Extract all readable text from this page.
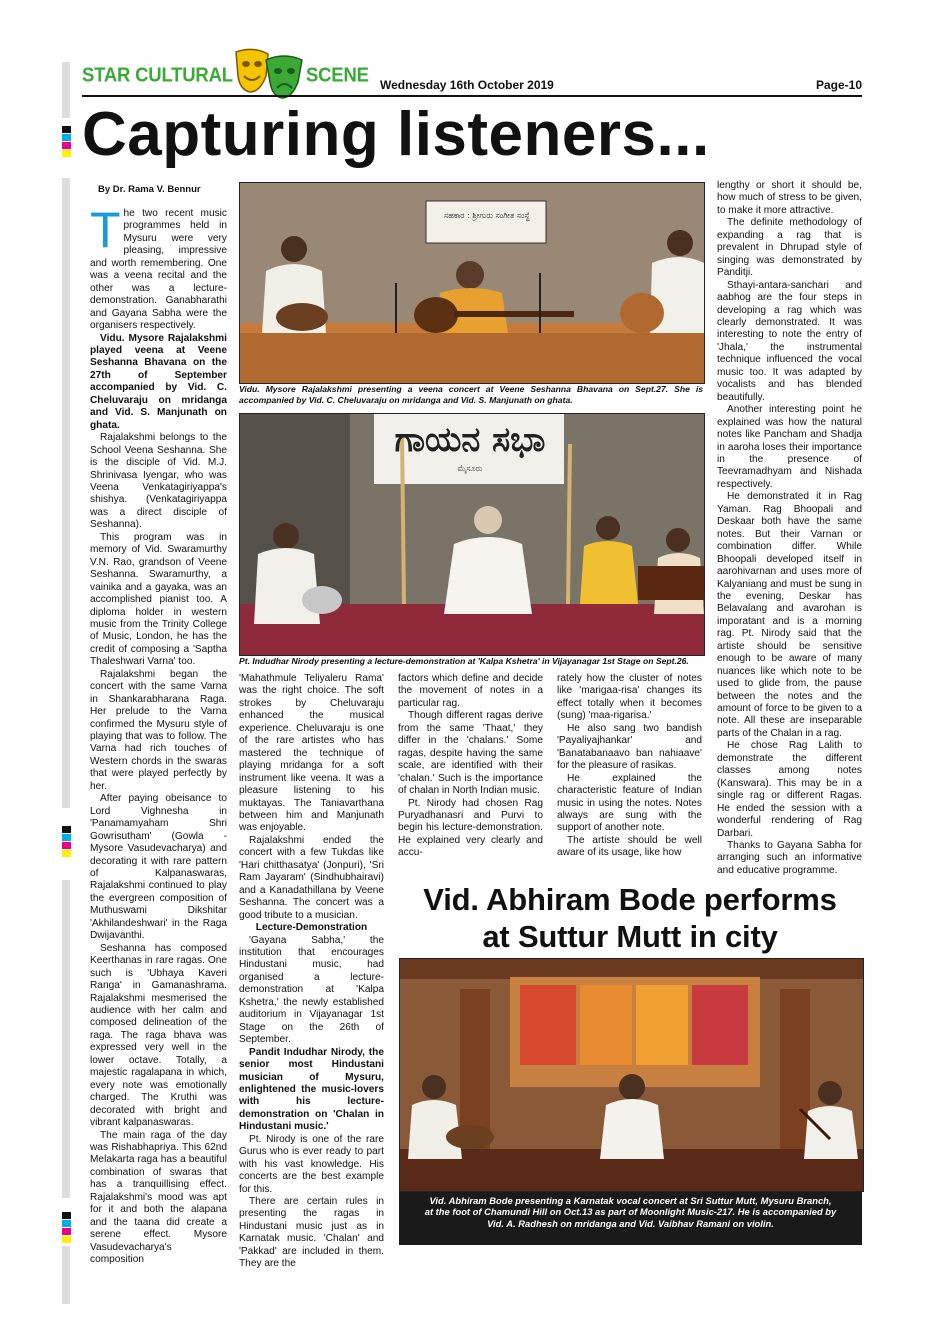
STAR CULTURAL	SCENE Wednesday 16th October 2019	Page-10
Capturing listeners...
By Dr. Rama V. Bennur

The two recent music programmes held in Mysuru were very pleasing, impressive and worth remembering. One was a veena recital and the other was a lecture-demonstration. Ganabharathi and Gayana Sabha were the organisers respectively.

Vidu. Mysore Rajalakshmi played veena at Veene Seshanna Bhavana on the 27th of September accompanied by Vid. C. Cheluvaraju on mridanga and Vid. S. Manjunath on ghata.

Rajalakshmi belongs to the School Veena Seshanna. She is the disciple of Vid. M.J. Shrinivasa Iyengar, who was Veena Venkatagiriyappa's shishya. (Venkatagiriyappa was a direct disciple of Seshanna).

This program was in memory of Vid. Swaramurthy V.N. Rao, grandson of Veene Seshanna. Swaramurthy, a vainika and a gayaka, was an accomplished pianist too. A diploma holder in western music from the Trinity College of Music, London, he has the credit of composing a 'Saptha Thaleshwari Varna' too.

Rajalakshmi began the concert with the same Varna in Shankarabharana Raga. Her prelude to the Varna confirmed the Mysuru style of playing that was to follow. The Varna had rich touches of Western chords in the swaras that were played perfectly by her.

After paying obeisance to Lord Vighnesha in 'Panamamyaham Shri Gowrisutham' (Gowla - Mysore Vasudevacharya) and decorating it with rare pattern of Kalpanaswaras, Rajalakshmi continued to play the evergreen composition of Muthuswami Dikshitar 'Akhilandeshwari' in the Raga Dwijavanthi.

Seshanna has composed Keerthanas in rare ragas. One such is 'Ubhaya Kaveri Ranga' in Gamanashrama. Rajalakshmi mesmerised the audience with her calm and composed delineation of the raga. The raga bhava was expressed very well in the lower octave. Totally, a majestic ragalapana in which, every note was emotionally charged. The Kruthi was decorated with bright and vibrant kalpanaswaras.

The main raga of the day was Rishabhapriya. This 62nd Melakarta raga has a beautiful combination of swaras that has a tranquillising effect. Rajalakshmi's mood was apt for it and both the alapana and the taana did create a serene effect. Mysore Vasudevacharya's composition

ಸಹಕಾರ : ಶ್ರೀಗುರು ಸಂಗೀತ ಸಂಸ್ಥೆ
Vidu. Mysore Rajalakshmi presenting a veena concert at Veene Seshanna Bhavana on Sept.27. She is accompanied by Vid. C. Cheluvaraju on mridanga and Vid. S. Manjunath on ghata.
ಗಾಯನ ಸಭಾ
ಮೈಸೂರು
Pt. Indudhar Nirody presenting a lecture-demonstration at 'Kalpa Kshetra' in Vijayanagar 1st Stage on Sept.26.

'Mahathmule Teliyaleru Rama' was the right choice. The soft strokes by Cheluvaraju enhanced the musical experience. Cheluvaraju is one of the rare artistes who has mastered the technique of playing mridanga for a soft instrument like veena. It was a pleasure listening to his muktayas. The Taniavarthana between him and Manjunath was enjoyable.

Rajalakshmi ended the concert with a few Tukdas like 'Hari chitthasatya' (Jonpuri), 'Sri Ram Jayaram' (Sindhubhairavi) and a Kanadathillana by Veene Seshanna. The concert was a good tribute to a musician.

Lecture-Demonstration

'Gayana Sabha,' the institution that encourages Hindustani music, had organised a lecture-demonstration at 'Kalpa Kshetra,' the newly established auditorium in Vijayanagar 1st Stage on the 26th of September.

Pandit Indudhar Nirody, the senior most Hindustani musician of Mysuru, enlightened the music-lovers with his lecture-demonstration on 'Chalan in Hindustani music.'

Pt. Nirody is one of the rare Gurus who is ever ready to part with his vast knowledge. His concerts are the best example for this.

There are certain rules in presenting the ragas in Hindustani music just as in Karnatak music. 'Chalan' and 'Pakkad' are included in them. They are the

factors which define and decide the movement of notes in a particular rag.

Though different ragas derive from the same 'Thaat,' they differ in the 'chalans.' Some ragas, despite having the same scale, are identified with their 'chalan.' Such is the importance of chalan in North Indian music.

Pt. Nirody had chosen Rag Puryadhanasri and Purvi to begin his lecture-demonstration. He explained very clearly and accu-

rately how the cluster of notes like 'marigaa-risa' changes its effect totally when it becomes (sung) 'maa-rigarisa.'

He also sang two bandish 'Payaliyajhankar' and 'Banatabanaavo ban nahiaave' for the pleasure of rasikas.

He explained the characteristic feature of Indian music in using the notes. Notes always are sung with the support of another note.

The artiste should be well aware of its usage, like how

lengthy or short it should be, how much of stress to be given, to make it more attractive.

The definite methodology of expanding a rag that is prevalent in Dhrupad style of singing was demonstrated by Panditji.

Sthayi-antara-sanchari and aabhog are the four steps in developing a rag which was clearly demonstrated. It was interesting to note the entry of 'Jhala,' the instrumental technique influenced the vocal music too. It was adapted by vocalists and has blended beautifully.

Another interesting point he explained was how the natural notes like Pancham and Shadja in aaroha loses their importance in the presence of Teevramadhyam and Nishada respectively.

He demonstrated it in Rag Yaman. Rag Bhoopali and Deskaar both have the same notes. But their Varnan or combination differ. While Bhoopali developed itself in aarohivarnan and uses more of Kalyaniang and must be sung in the evening, Deskar has Belavalang and avarohan is imporatant and is a morning rag. Pt. Nirody said that the artiste should be sensitive enough to be aware of many nuances like which note to be used to glide from, the pause between the notes and the amount of force to be given to a note. All these are inseparable parts of the Chalan in a rag.

He chose Rag Lalith to demonstrate the different classes among notes (Kanswara). This may be in a single rag or different Ragas. He ended the session with a wonderful rendering of Rag Darbari.

Thanks to Gayana Sabha for arranging such an informative and educative programme.

Vid. Abhiram Bode performs
at Suttur Mutt in city
Vid. Abhiram Bode presenting a Karnatak vocal concert at Sri Suttur Mutt, Mysuru Branch,
at the foot of Chamundi Hill on Oct.13 as part of Moonlight Music-217. He is accompanied by
Vid. A. Radhesh on mridanga and Vid. Vaibhav Ramani on violin.
